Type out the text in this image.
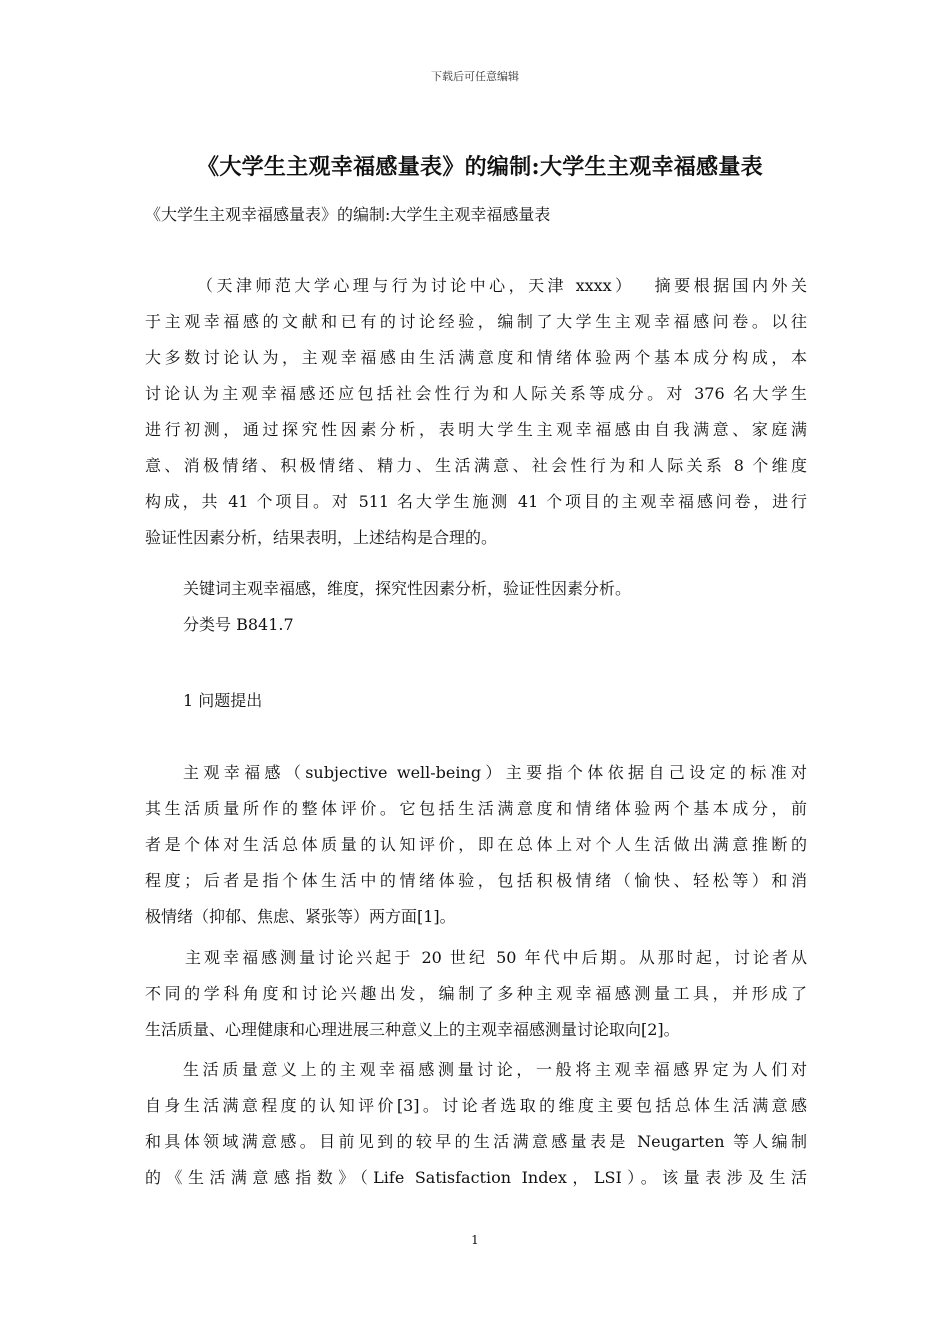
下载后可任意编辑
《大学生主观幸福感量表》的编制:大学生主观幸福感量表
《大学生主观幸福感量表》的编制:大学生主观幸福感量表
（天津师范大学心理与行为讨论中心，天津 xxxx）　 摘要根据国内外关
于主观幸福感的文献和已有的讨论经验，编制了大学生主观幸福感问卷。以往
大多数讨论认为，主观幸福感由生活满意度和情绪体验两个基本成分构成，本
讨论认为主观幸福感还应包括社会性行为和人际关系等成分。对 376 名大学生
进行初测，通过探究性因素分析，表明大学生主观幸福感由自我满意、家庭满
意、消极情绪、积极情绪、精力、生活满意、社会性行为和人际关系 8 个维度
构成，共 41 个项目。对 511 名大学生施测 41 个项目的主观幸福感问卷，进行
验证性因素分析，结果表明，上述结构是合理的。

关键词主观幸福感，维度，探究性因素分析，验证性因素分析。

分类号 B841.7

1 问题提出

主观幸福感（subjective well-being）主要指个体依据自己设定的标准对
其生活质量所作的整体评价。它包括生活满意度和情绪体验两个基本成分，前
者是个体对生活总体质量的认知评价，即在总体上对个人生活做出满意推断的
程度；后者是指个体生活中的情绪体验，包括积极情绪（愉快、轻松等）和消
极情绪（抑郁、焦虑、紧张等）两方面[1]。
主观幸福感测量讨论兴起于 20 世纪 50 年代中后期。从那时起，讨论者从
不同的学科角度和讨论兴趣出发，编制了多种主观幸福感测量工具，并形成了
生活质量、心理健康和心理进展三种意义上的主观幸福感测量讨论取向[2]。
生活质量意义上的主观幸福感测量讨论，一般将主观幸福感界定为人们对
自身生活满意程度的认知评价[3]。讨论者选取的维度主要包括总体生活满意感
和具体领域满意感。目前见到的较早的生活满意感量表是 Neugarten 等人编制
的《生活满意感指数》（Life Satisfaction Index，LSI）。该量表涉及生活
1
